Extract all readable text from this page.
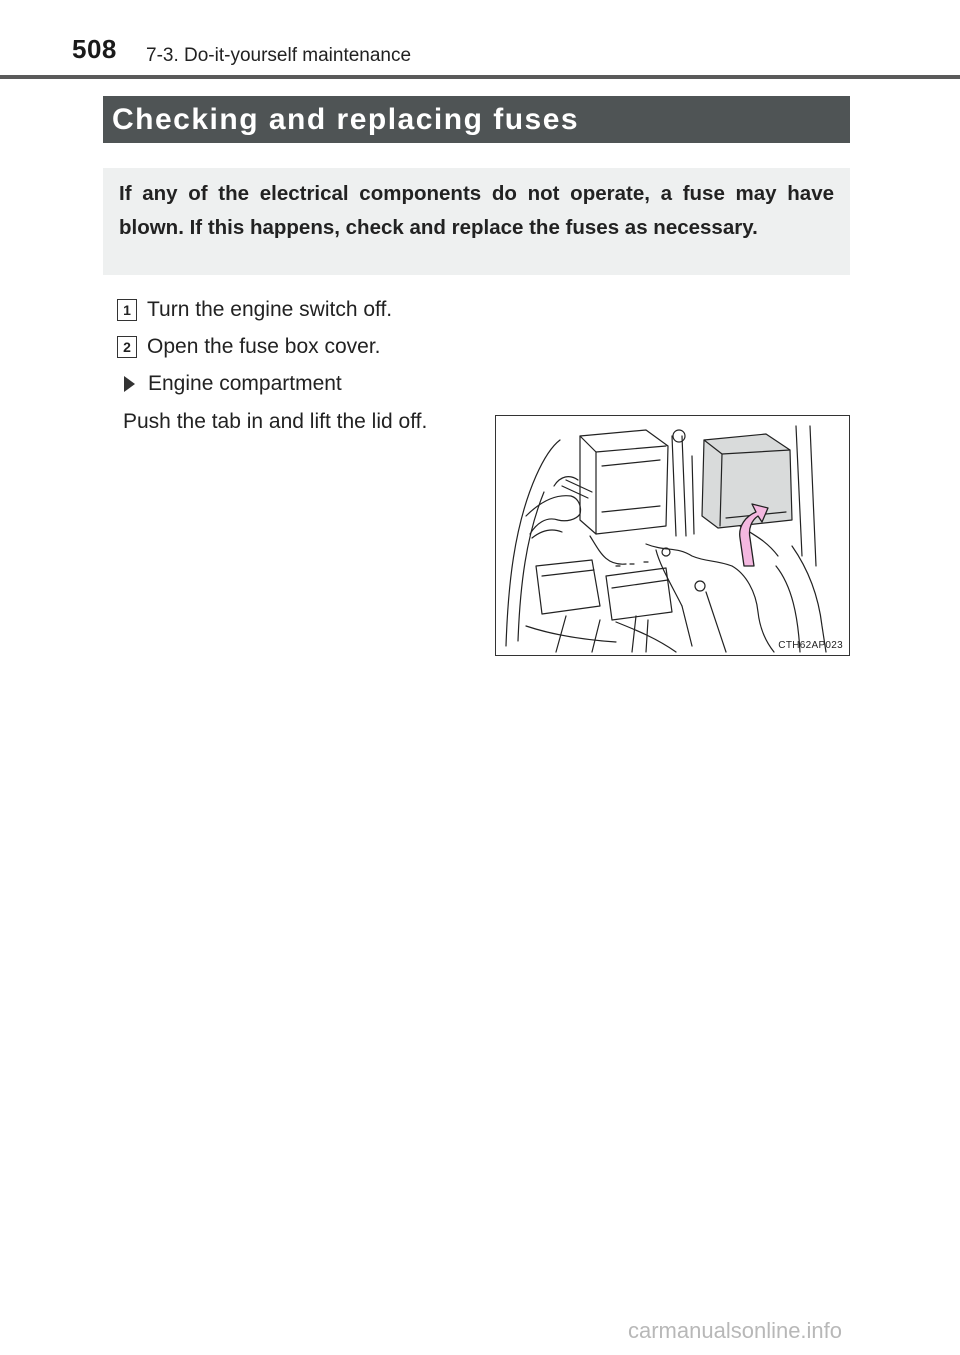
508 7-3. Do-it-yourself maintenance
Checking and replacing fuses

If any of the electrical components do not operate, a fuse may have blown. If this happens, check and replace the fuses as necessary.

1 Turn the engine switch off.
2 Open the fuse box cover.
Engine compartment
Push the tab in and lift the lid off.
CTH62AP023
carmanualsonline.info
